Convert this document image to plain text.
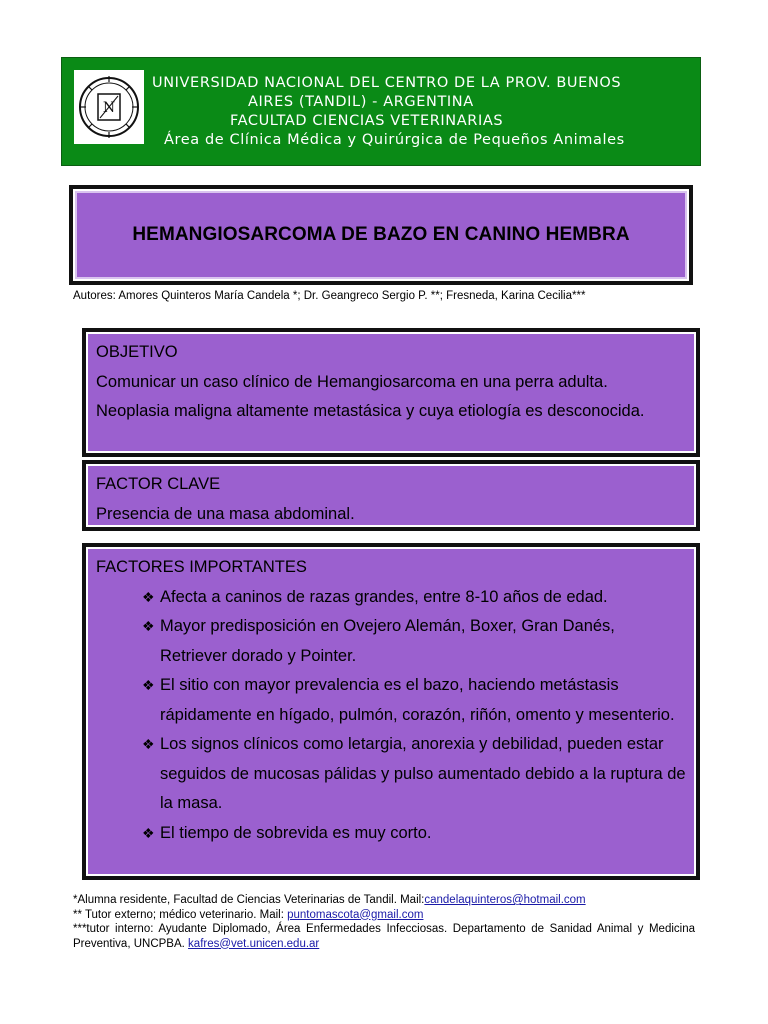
N
UNIVERSIDAD NACIONAL DEL CENTRO DE LA PROV. BUENOS
AIRES (TANDIL) - ARGENTINA
FACULTAD CIENCIAS VETERINARIAS
Área de Clínica Médica y Quirúrgica de Pequeños Animales
HEMANGIOSARCOMA DE BAZO EN CANINO HEMBRA
Autores: Amores Quinteros María Candela *; Dr. Geangreco Sergio P. **; Fresneda, Karina Cecilia***
OBJETIVO
Comunicar un caso clínico de Hemangiosarcoma en una perra adulta.
Neoplasia maligna altamente metastásica y cuya etiología es desconocida.
FACTOR CLAVE
Presencia de una masa abdominal.
FACTORES IMPORTANTES
❖ Afecta a caninos de razas grandes, entre 8-10 años de edad.
❖ Mayor predisposición en Ovejero Alemán, Boxer, Gran Danés, Retriever dorado y Pointer.
❖ El sitio con mayor prevalencia es el bazo, haciendo metástasis rápidamente en hígado, pulmón, corazón, riñón, omento y mesenterio.
❖ Los signos clínicos como letargia, anorexia y debilidad, pueden estar seguidos de mucosas pálidas y pulso aumentado debido a la ruptura de la masa.
❖ El tiempo de sobrevida es muy corto.
*Alumna residente, Facultad de Ciencias Veterinarias de Tandil. Mail:candelaquinteros@hotmail.com
** Tutor externo; médico veterinario. Mail: puntomascota@gmail.com
***tutor interno: Ayudante Diplomado, Área Enfermedades Infecciosas. Departamento de Sanidad Animal y Medicina Preventiva, UNCPBA. kafres@vet.unicen.edu.ar
